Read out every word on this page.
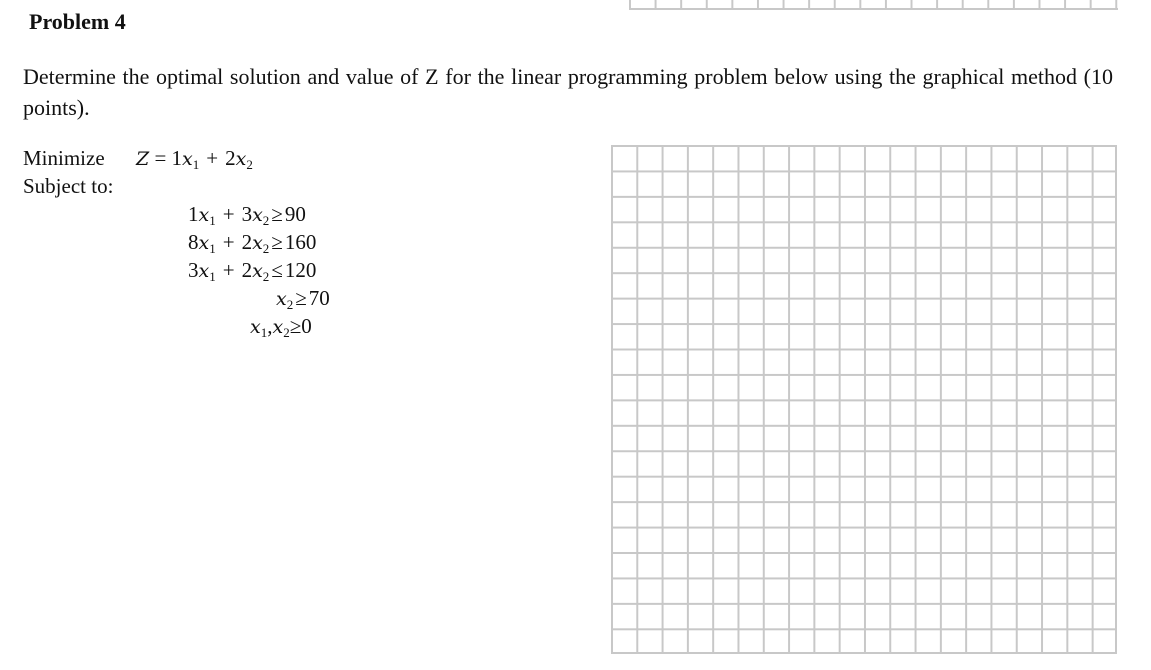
Problem 4

Determine the optimal solution and value of Z for the linear programming problem below using the graphical method (10 points).

Minimize $Z = 1x_1 + 2x_2$
Subject to:
$1x_1 + 3x_2\ge 90$
$8x_1 + 2x_2\ge 160$
$3x_1 + 2x_2\le 120$
$x_2\ge 70$
$x_1,x_2\ge 0$
